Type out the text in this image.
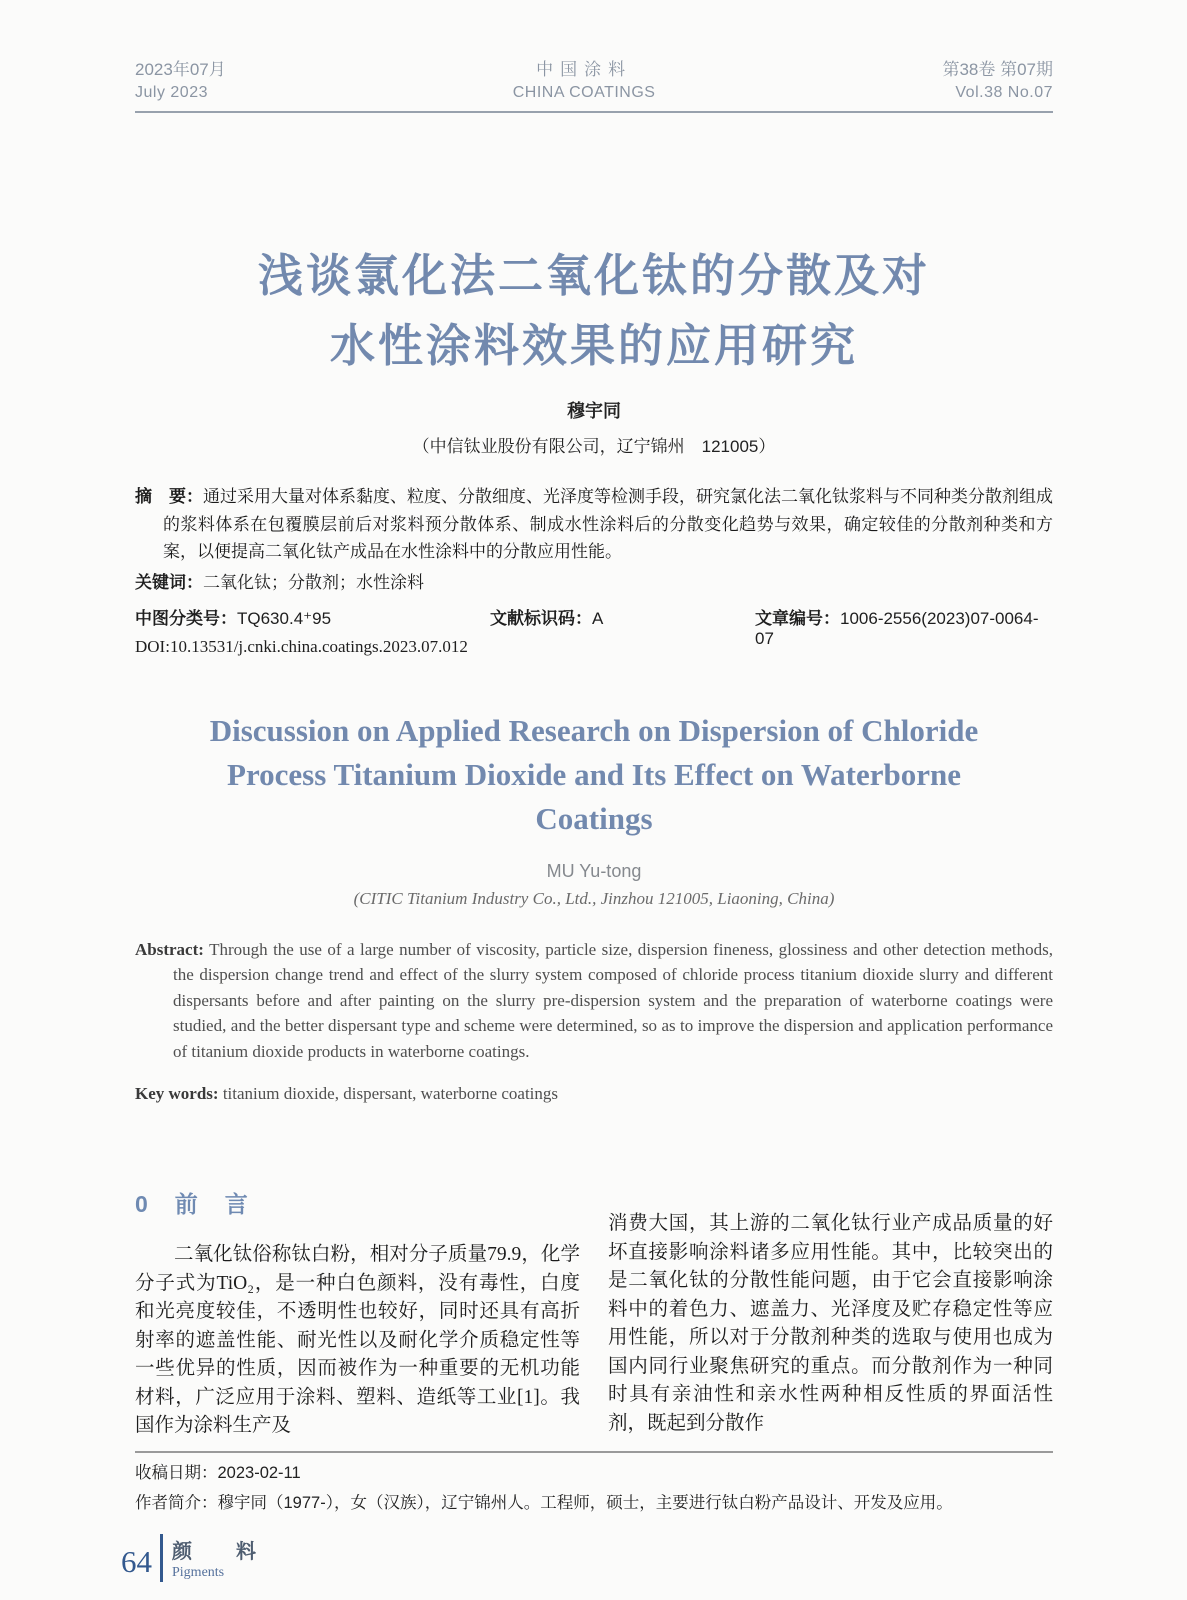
2023年07月
July 2023
中国涂料
CHINA COATINGS
第38卷 第07期
Vol.38 No.07
浅谈氯化法二氧化钛的分散及对
水性涂料效果的应用研究
穆宇同
（中信钛业股份有限公司，辽宁锦州　121005）
摘　要：通过采用大量对体系黏度、粒度、分散细度、光泽度等检测手段，研究氯化法二氧化钛浆料与不同种类分散剂组成的浆料体系在包覆膜层前后对浆料预分散体系、制成水性涂料后的分散变化趋势与效果，确定较佳的分散剂种类和方案，以便提高二氧化钛产成品在水性涂料中的分散应用性能。
关键词：二氧化钛；分散剂；水性涂料
中图分类号：TQ630.4⁺95	文献标识码：A	文章编号：1006-2556(2023)07-0064-07
DOI:10.13531/j.cnki.china.coatings.2023.07.012
Discussion on Applied Research on Dispersion of Chloride
Process Titanium Dioxide and Its Effect on Waterborne
Coatings
MU Yu-tong
(CITIC Titanium Industry Co., Ltd., Jinzhou 121005, Liaoning, China)
Abstract: Through the use of a large number of viscosity, particle size, dispersion fineness, glossiness and other detection methods, the dispersion change trend and effect of the slurry system composed of chloride process titanium dioxide slurry and different dispersants before and after painting on the slurry pre-dispersion system and the preparation of waterborne coatings were studied, and the better dispersant type and scheme were determined, so as to improve the dispersion and application performance of titanium dioxide products in waterborne coatings.
Key words: titanium dioxide, dispersant, waterborne coatings
0　前　言

二氧化钛俗称钛白粉，相对分子质量79.9，化学分子式为TiO₂，是一种白色颜料，没有毒性，白度和光亮度较佳，不透明性也较好，同时还具有高折射率的遮盖性能、耐光性以及耐化学介质稳定性等一些优异的性质，因而被作为一种重要的无机功能材料，广泛应用于涂料、塑料、造纸等工业[1]。我国作为涂料生产及

消费大国，其上游的二氧化钛行业产成品质量的好坏直接影响涂料诸多应用性能。其中，比较突出的是二氧化钛的分散性能问题，由于它会直接影响涂料中的着色力、遮盖力、光泽度及贮存稳定性等应用性能，所以对于分散剂种类的选取与使用也成为国内同行业聚焦研究的重点。而分散剂作为一种同时具有亲油性和亲水性两种相反性质的界面活性剂，既起到分散作

收稿日期：2023-02-11
作者简介：穆宇同（1977-），女（汉族），辽宁锦州人。工程师，硕士，主要进行钛白粉产品设计、开发及应用。
64 颜　料
Pigments
